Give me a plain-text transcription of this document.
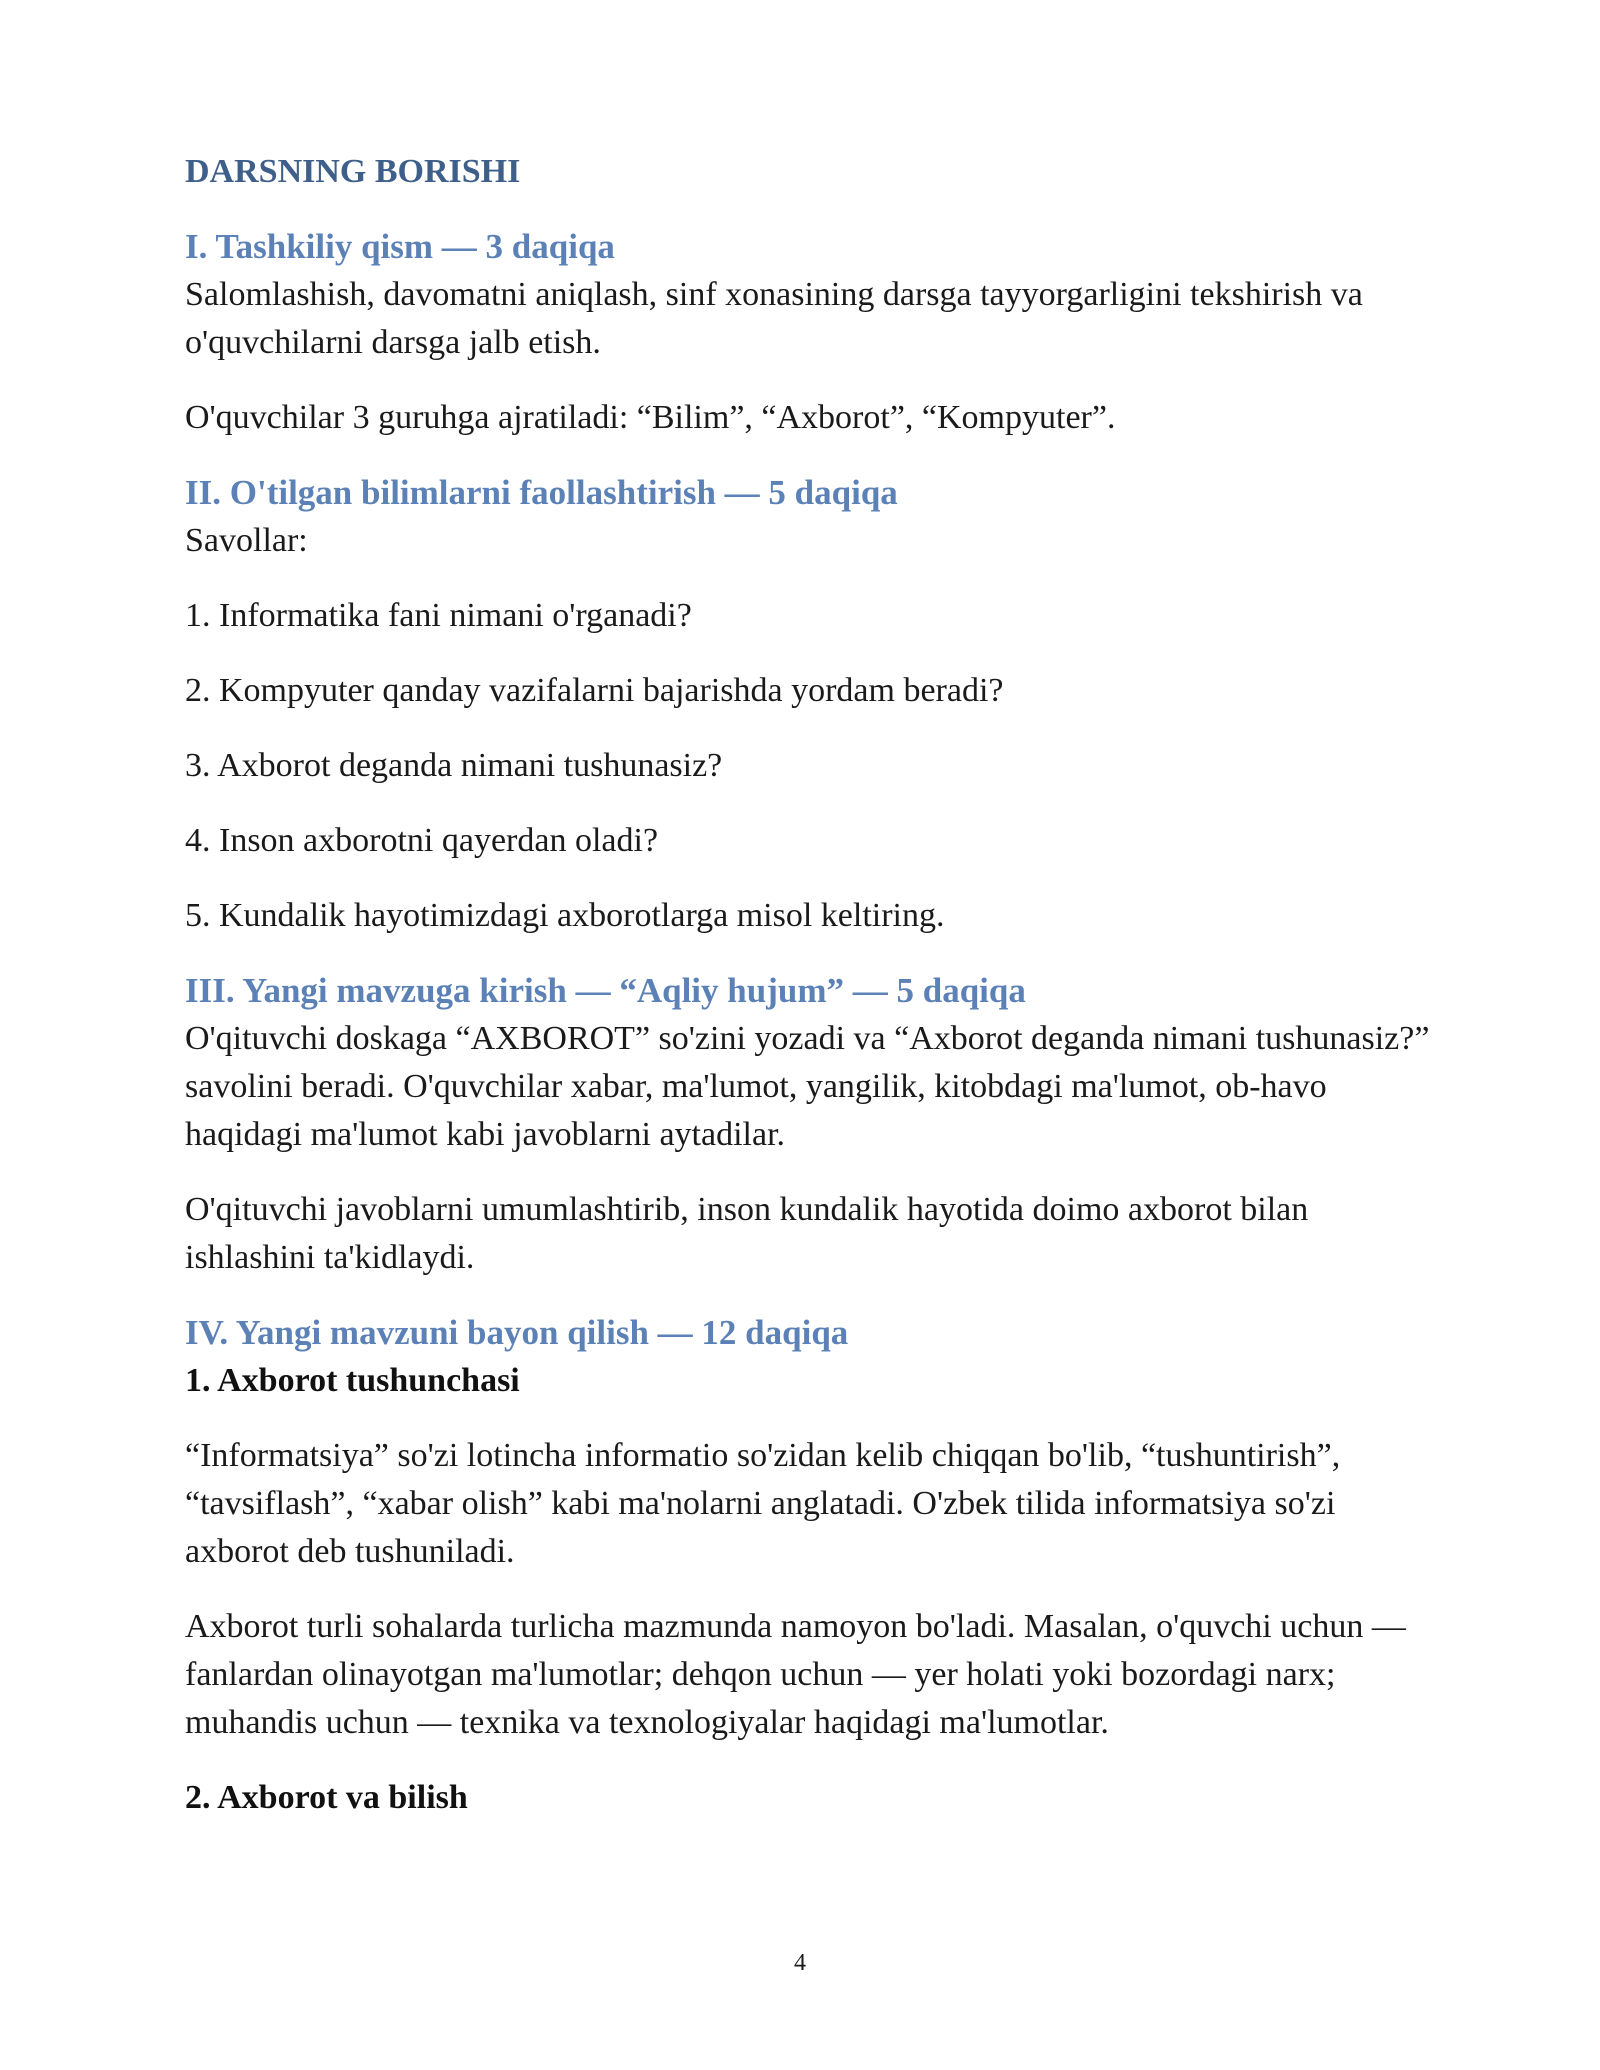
DARSNING BORISHI
I. Tashkiliy qism — 3 daqiqa

Salomlashish, davomatni aniqlash, sinf xonasining darsga tayyorgarligini tekshirish va o'quvchilarni darsga jalb etish.

O'quvchilar 3 guruhga ajratiladi: “Bilim”, “Axborot”, “Kompyuter”.

II. O'tilgan bilimlarni faollashtirish — 5 daqiqa

Savollar:

1. Informatika fani nimani o'rganadi?

2. Kompyuter qanday vazifalarni bajarishda yordam beradi?

3. Axborot deganda nimani tushunasiz?

4. Inson axborotni qayerdan oladi?

5. Kundalik hayotimizdagi axborotlarga misol keltiring.

III. Yangi mavzuga kirish — “Aqliy hujum” — 5 daqiqa

O'qituvchi doskaga “AXBOROT” so'zini yozadi va “Axborot deganda nimani tushunasiz?” savolini beradi. O'quvchilar xabar, ma'lumot, yangilik, kitobdagi ma'lumot, ob-havo haqidagi ma'lumot kabi javoblarni aytadilar.

O'qituvchi javoblarni umumlashtirib, inson kundalik hayotida doimo axborot bilan ishlashini ta'kidlaydi.

IV. Yangi mavzuni bayon qilish — 12 daqiqa
1. Axborot tushunchasi

“Informatsiya” so'zi lotincha informatio so'zidan kelib chiqqan bo'lib, “tushuntirish”, “tavsiflash”, “xabar olish” kabi ma'nolarni anglatadi. O'zbek tilida informatsiya so'zi axborot deb tushuniladi.

Axborot turli sohalarda turlicha mazmunda namoyon bo'ladi. Masalan, o'quvchi uchun — fanlardan olinayotgan ma'lumotlar; dehqon uchun — yer holati yoki bozordagi narx; muhandis uchun — texnika va texnologiyalar haqidagi ma'lumotlar.

2. Axborot va bilish
4
